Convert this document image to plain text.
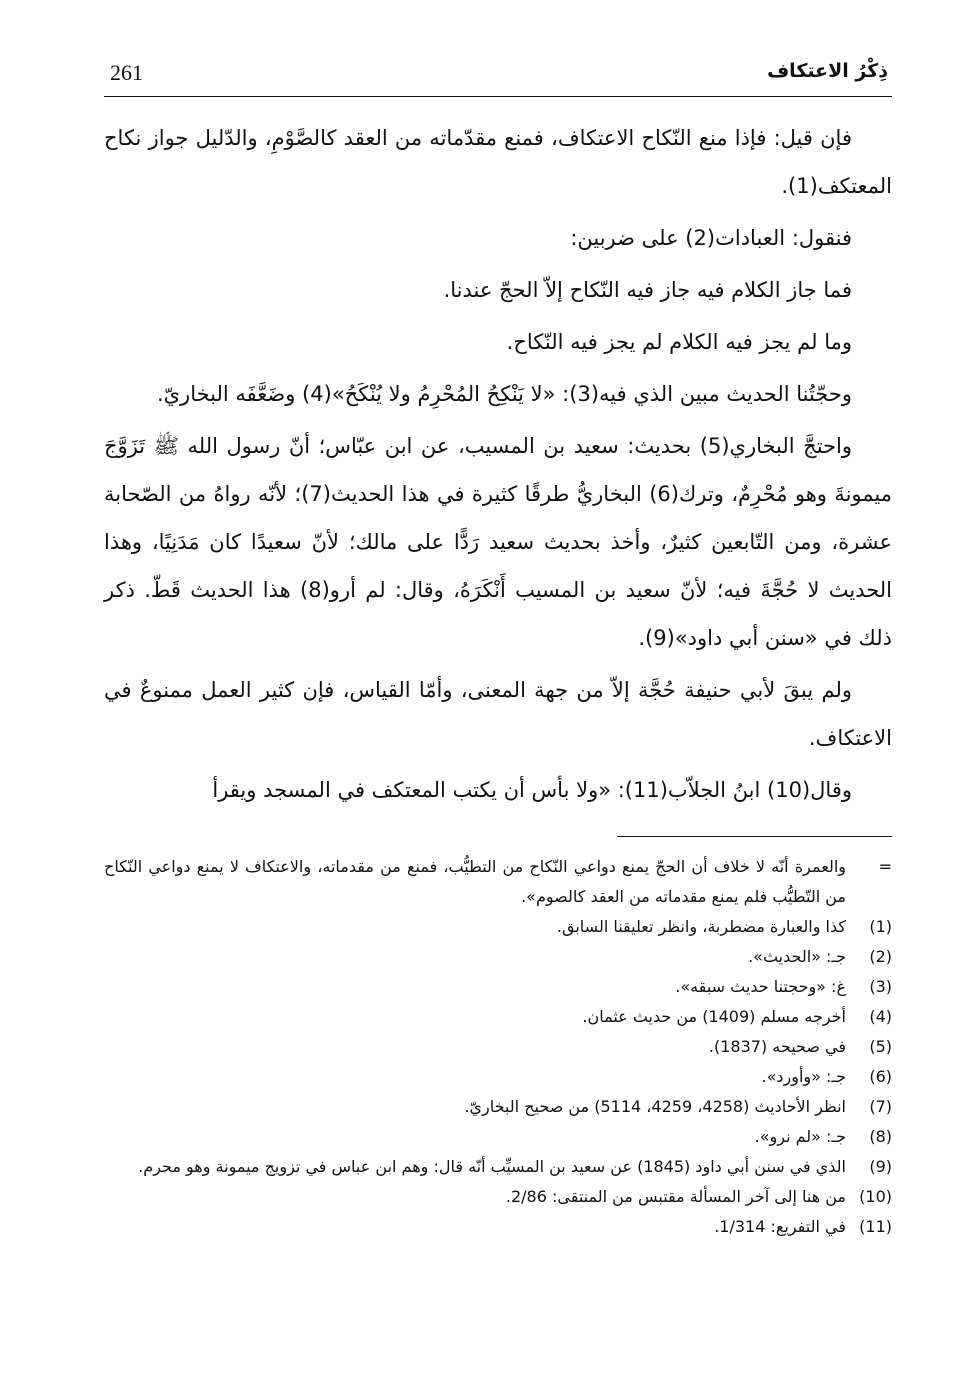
261	ذِكْرُ الاعتكاف

فإن قيل: فإذا منع النّكاح الاعتكاف، فمنع مقدّماته من العقد كالصَّوْمِ، والدّليل جواز نكاح المعتكف(1).

فنقول: العبادات(2) على ضربين:

فما جاز الكلام فيه جاز فيه النّكاح إلاّ الحجّ عندنا.

وما لم يجز فيه الكلام لم يجز فيه النّكاح.

وحجّتُنا الحديث مبين الذي فيه(3): «لا يَنْكِحُ المُحْرِمُ ولا يُنْكَحُ»(4) وضَعَّفَه البخاريّ.

واحتجَّ البخاري(5) بحديث: سعيد بن المسيب، عن ابن عبّاس؛ أنّ رسول الله ﷺ تَزَوَّجَ ميمونةَ وهو مُحْرِمٌ، وترك(6) البخاريُّ طرقًا كثيرة في هذا الحديث(7)؛ لأنّه رواهُ من الصّحابة عشرة، ومن التّابعين كثيرٌ، وأخذ بحديث سعيد رَدًّا على مالك؛ لأنّ سعيدًا كان مَدَنِيًا، وهذا الحديث لا حُجَّةَ فيه؛ لأنّ سعيد بن المسيب أَنْكَرَهُ، وقال: لم أرو(8) هذا الحديث قَطّ. ذكر ذلك في «سنن أبي داود»(9).

ولم يبقَ لأبي حنيفة حُجَّة إلاّ من جهة المعنى، وأمّا القياس، فإن كثير العمل ممنوعٌ في الاعتكاف.

وقال(10) ابنُ الجلاّب(11): «ولا بأس أن يكتب المعتكف في المسجد ويقرأ

=
والعمرة أنّه لا خلاف أن الحجّ يمنع دواعي النّكاح من التطيُّب، فمنع من مقدماته، والاعتكاف لا يمنع دواعي النّكاح من التّطيُّب فلم يمنع مقدماته من العقد كالصوم».
(1)
كذا والعبارة مضطربة، وانظر تعليقنا السابق.
(2)
جـ: «الحديث».
(3)
غ: «وحجتنا حديث سبقه».
(4)
أخرجه مسلم (1409) من حديث عثمان.
(5)
في صحيحه (1837).
(6)
جـ: «وأورد».
(7)
انظر الأحاديث (4258، 4259، 5114) من صحيح البخاريّ.
(8)
جـ: «لم نرو».
(9)
الذي في سنن أبي داود (1845) عن سعيد بن المسيِّب أنّه قال: وهم ابن عباس في تزويج ميمونة وهو محرم.
(10)
من هنا إلى آخر المسألة مقتبس من المنتقى: 2/86.
(11)
في التفريع: 1/314.
